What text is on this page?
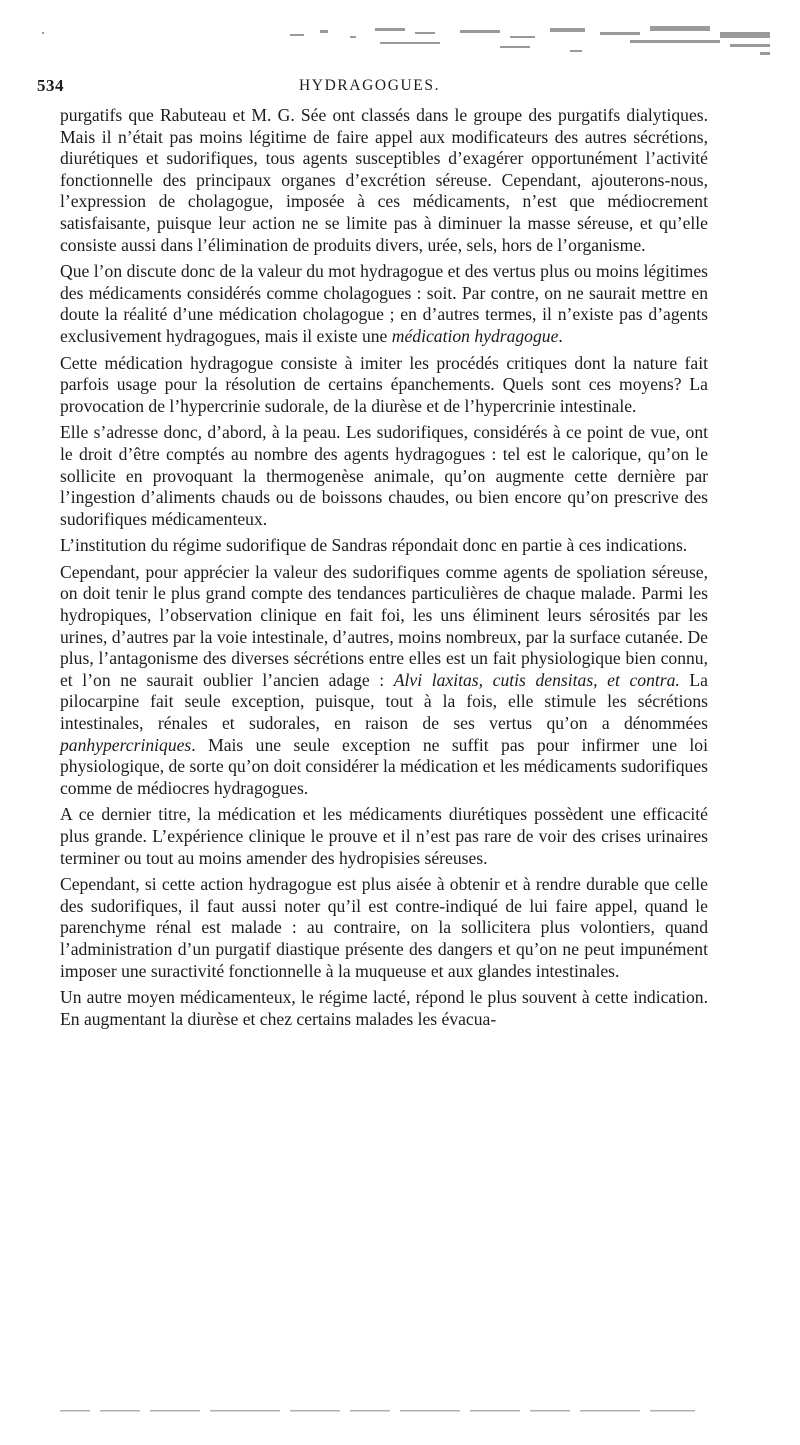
534	HYDRAGOGUES.

purgatifs que Rabuteau et M. G. Sée ont classés dans le groupe des purgatifs dialytiques. Mais il n’était pas moins légitime de faire appel aux modificateurs des autres sécrétions, diurétiques et sudorifiques, tous agents susceptibles d’exagérer opportunément l’activité fonctionnelle des principaux organes d’excrétion séreuse. Cependant, ajouterons-nous, l’expression de cholagogue, imposée à ces médicaments, n’est que médiocrement satisfaisante, puisque leur action ne se limite pas à diminuer la masse séreuse, et qu’elle consiste aussi dans l’élimination de produits divers, urée, sels, hors de l’organisme.

Que l’on discute donc de la valeur du mot hydragogue et des vertus plus ou moins légitimes des médicaments considérés comme cholagogues : soit. Par contre, on ne saurait mettre en doute la réalité d’une médication cholagogue ; en d’autres termes, il n’existe pas d’agents exclusivement hydragogues, mais il existe une médication hydragogue.

Cette médication hydragogue consiste à imiter les procédés critiques dont la nature fait parfois usage pour la résolution de certains épanchements. Quels sont ces moyens? La provocation de l’hypercrinie sudorale, de la diurèse et de l’hypercrinie intestinale.

Elle s’adresse donc, d’abord, à la peau. Les sudorifiques, considérés à ce point de vue, ont le droit d’être comptés au nombre des agents hydragogues : tel est le calorique, qu’on le sollicite en provoquant la thermogenèse animale, qu’on augmente cette dernière par l’ingestion d’aliments chauds ou de boissons chaudes, ou bien encore qu’on prescrive des sudorifiques médicamenteux.

L’institution du régime sudorifique de Sandras répondait donc en partie à ces indications.

Cependant, pour apprécier la valeur des sudorifiques comme agents de spoliation séreuse, on doit tenir le plus grand compte des tendances particulières de chaque malade. Parmi les hydropiques, l’observation clinique en fait foi, les uns éliminent leurs sérosités par les urines, d’autres par la voie intestinale, d’autres, moins nombreux, par la surface cutanée. De plus, l’antagonisme des diverses sécrétions entre elles est un fait physiologique bien connu, et l’on ne saurait oublier l’ancien adage : Alvi laxitas, cutis densitas, et contra. La pilocarpine fait seule exception, puisque, tout à la fois, elle stimule les sécrétions intestinales, rénales et sudorales, en raison de ses vertus qu’on a dénommées panhypercriniques. Mais une seule exception ne suffit pas pour infirmer une loi physiologique, de sorte qu’on doit considérer la médication et les médicaments sudorifiques comme de médiocres hydragogues.

A ce dernier titre, la médication et les médicaments diurétiques possèdent une efficacité plus grande. L’expérience clinique le prouve et il n’est pas rare de voir des crises urinaires terminer ou tout au moins amender des hydropisies séreuses.

Cependant, si cette action hydragogue est plus aisée à obtenir et à rendre durable que celle des sudorifiques, il faut aussi noter qu’il est contre-indiqué de lui faire appel, quand le parenchyme rénal est malade : au contraire, on la sollicitera plus volontiers, quand l’administration d’un purgatif diastique présente des dangers et qu’on ne peut impunément imposer une suractivité fonctionnelle à la muqueuse et aux glandes intestinales.

Un autre moyen médicamenteux, le régime lacté, répond le plus souvent à cette indication. En augmentant la diurèse et chez certains malades les évacua-
